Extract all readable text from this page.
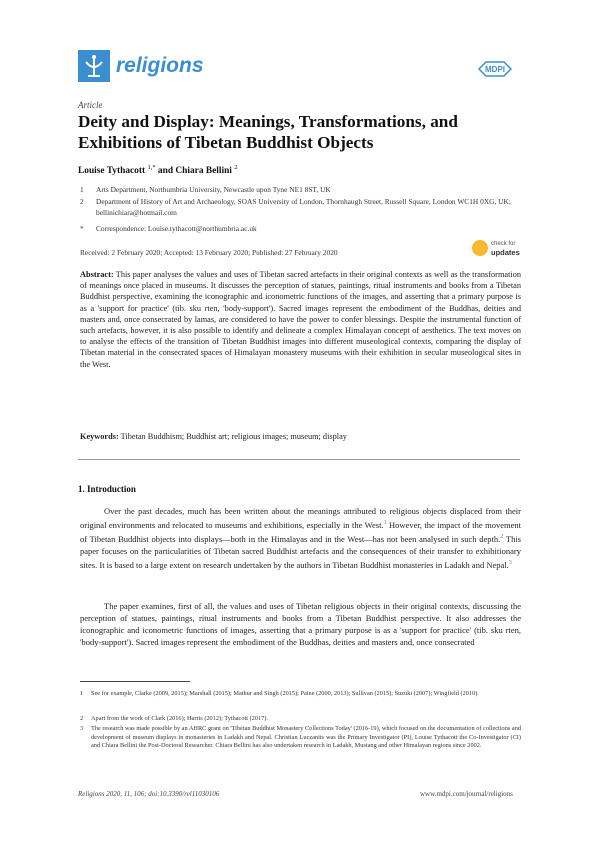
religions	MDPI
Article
Deity and Display: Meanings, Transformations, and Exhibitions of Tibetan Buddhist Objects
Louise Tythacott $^{1,*}$ and Chiara Bellini $^2$
1 Arts Department, Northumbria University, Newcastle upon Tyne NE1 8ST, UK
2 Department of History of Art and Archaeology, SOAS University of London, Thornhaugh Street, Russell Square, London WC1H 0XG, UK; bellinichiara@hotmail.com
* Correspondence: Louise.tythacott@northumbria.ac.uk
Received: 2 February 2020; Accepted: 13 February 2020; Published: 27 February 2020
check for
updates
Abstract: This paper analyses the values and uses of Tibetan sacred artefacts in their original contexts as well as the transformation of meanings once placed in museums. It discusses the perception of statues, paintings, ritual instruments and books from a Tibetan Buddhist perspective, examining the iconographic and iconometric functions of the images, and asserting that a primary purpose is as a 'support for practice' (tib. sku rten, 'body-support'). Sacred images represent the embodiment of the Buddhas, deities and masters and, once consecrated by lamas, are considered to have the power to confer blessings. Despite the instrumental function of such artefacts, however, it is also possible to identify and delineate a complex Himalayan concept of aesthetics. The text moves on to analyse the effects of the transition of Tibetan Buddhist images into different museological contexts, comparing the display of Tibetan material in the consecrated spaces of Himalayan monastery museums with their exhibition in secular museological sites in the West.
Keywords: Tibetan Buddhism; Buddhist art; religious images; museum; display
1. Introduction
Over the past decades, much has been written about the meanings attributed to religious objects displaced from their original environments and relocated to museums and exhibitions, especially in the West.$^1$ However, the impact of the movement of Tibetan Buddhist objects into displays—both in the Himalayas and in the West—has not been analysed in such depth.$^2$ This paper focuses on the particularities of Tibetan sacred Buddhist artefacts and the consequences of their transfer to exhibitionary sites. It is based to a large extent on research undertaken by the authors in Tibetan Buddhist monasteries in Ladakh and Nepal.$^3$
The paper examines, first of all, the values and uses of Tibetan religious objects in their original contexts, discussing the perception of statues, paintings, ritual instruments and books from a Tibetan Buddhist perspective. It also addresses the iconographic and iconometric functions of images, asserting that a primary purpose is as a 'support for practice' (tib. sku rten, 'body-support'). Sacred images represent the embodiment of the Buddhas, deities and masters and, once consecrated
1 See for example, Clarke (2009, 2015); Marshall (2015); Mathur and Singh (2015); Paine (2000, 2013); Sullivan (2015); Suzuki (2007); Wingfield (2010).
2 Apart from the work of Clark (2016); Harris (2012); Tythacott (2017).
3 The research was made possible by an AHRC grant on 'Tibetan Buddhist Monastery Collections Today' (2016-19), which focused on the documentation of collections and development of museum displays in monasteries in Ladakh and Nepal. Christian Luczanits was the Primary Investigator (PI), Louise Tythacott the Co-Investigator (CI) and Chiara Bellini the Post-Doctoral Researcher. Chiara Bellini has also undertaken research in Ladakh, Mustang and other Himalayan regions since 2002.
Religions 2020, 11, 106; doi:10.3390/rel11030106	www.mdpi.com/journal/religions
